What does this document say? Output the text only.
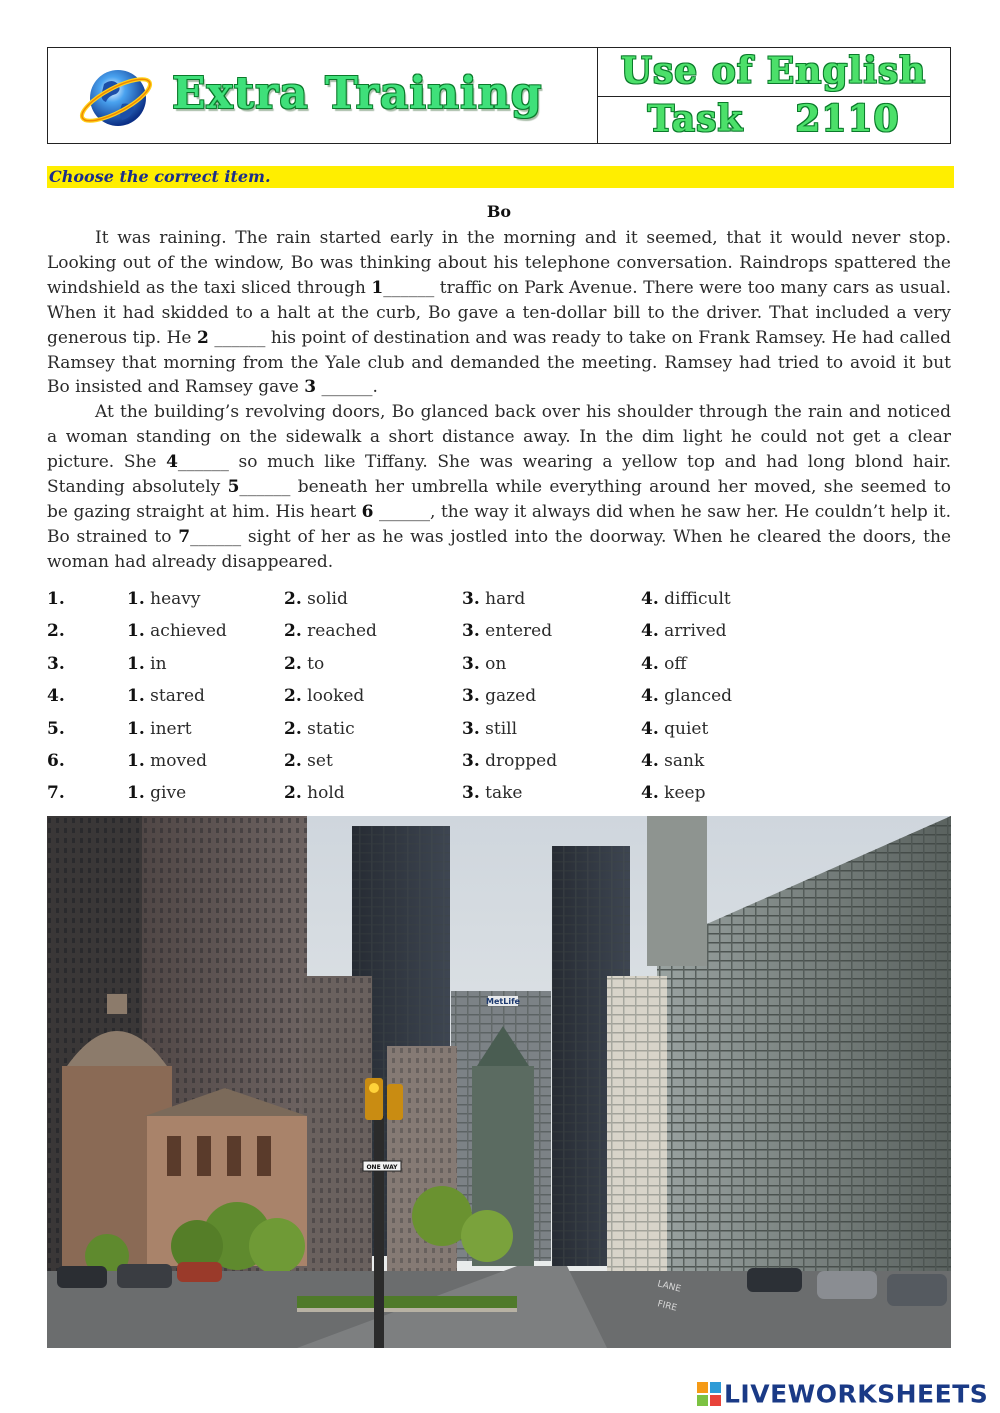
Extra Training	Use of English
Task 2110
Choose the correct item.
Bo

It was raining. The rain started early in the morning and it seemed, that it would never stop. Looking out of the window, Bo was thinking about his telephone conversation. Raindrops spattered the windshield as the taxi sliced through 1______ traffic on Park Avenue. There were too many cars as usual. When it had skidded to a halt at the curb, Bo gave a ten-dollar bill to the driver. That included a very generous tip. He 2 ______ his point of destination and was ready to take on Frank Ramsey. He had called Ramsey that morning from the Yale club and demanded the meeting. Ramsey had tried to avoid it but Bo insisted and Ramsey gave 3 ______.

At the building’s revolving doors, Bo glanced back over his shoulder through the rain and noticed a woman standing on the sidewalk a short distance away. In the dim light he could not get a clear picture. She 4______ so much like Tiffany. She was wearing a yellow top and had long blond hair. Standing absolutely 5______ beneath her umbrella while everything around her moved, she seemed to be gazing straight at him. His heart 6 ______, the way it always did when he saw her. He couldn’t help it. Bo strained to 7______ sight of her as he was jostled into the doorway. When he cleared the doors, the woman had already disappeared.

1.	1. heavy	2. solid	3. hard	4. difficult
2.	1. achieved	2. reached	3. entered	4. arrived
3.	1. in	2. to	3. on	4. off
4.	1. stared	2. looked	3. gazed	4. glanced
5.	1. inert	2. static	3. still	4. quiet
6.	1. moved	2. set	3. dropped	4. sank
7.	1. give	2. hold	3. take	4. keep
MetLife
LANE
FIRE
ONE WAY
LIVEWORKSHEETS
